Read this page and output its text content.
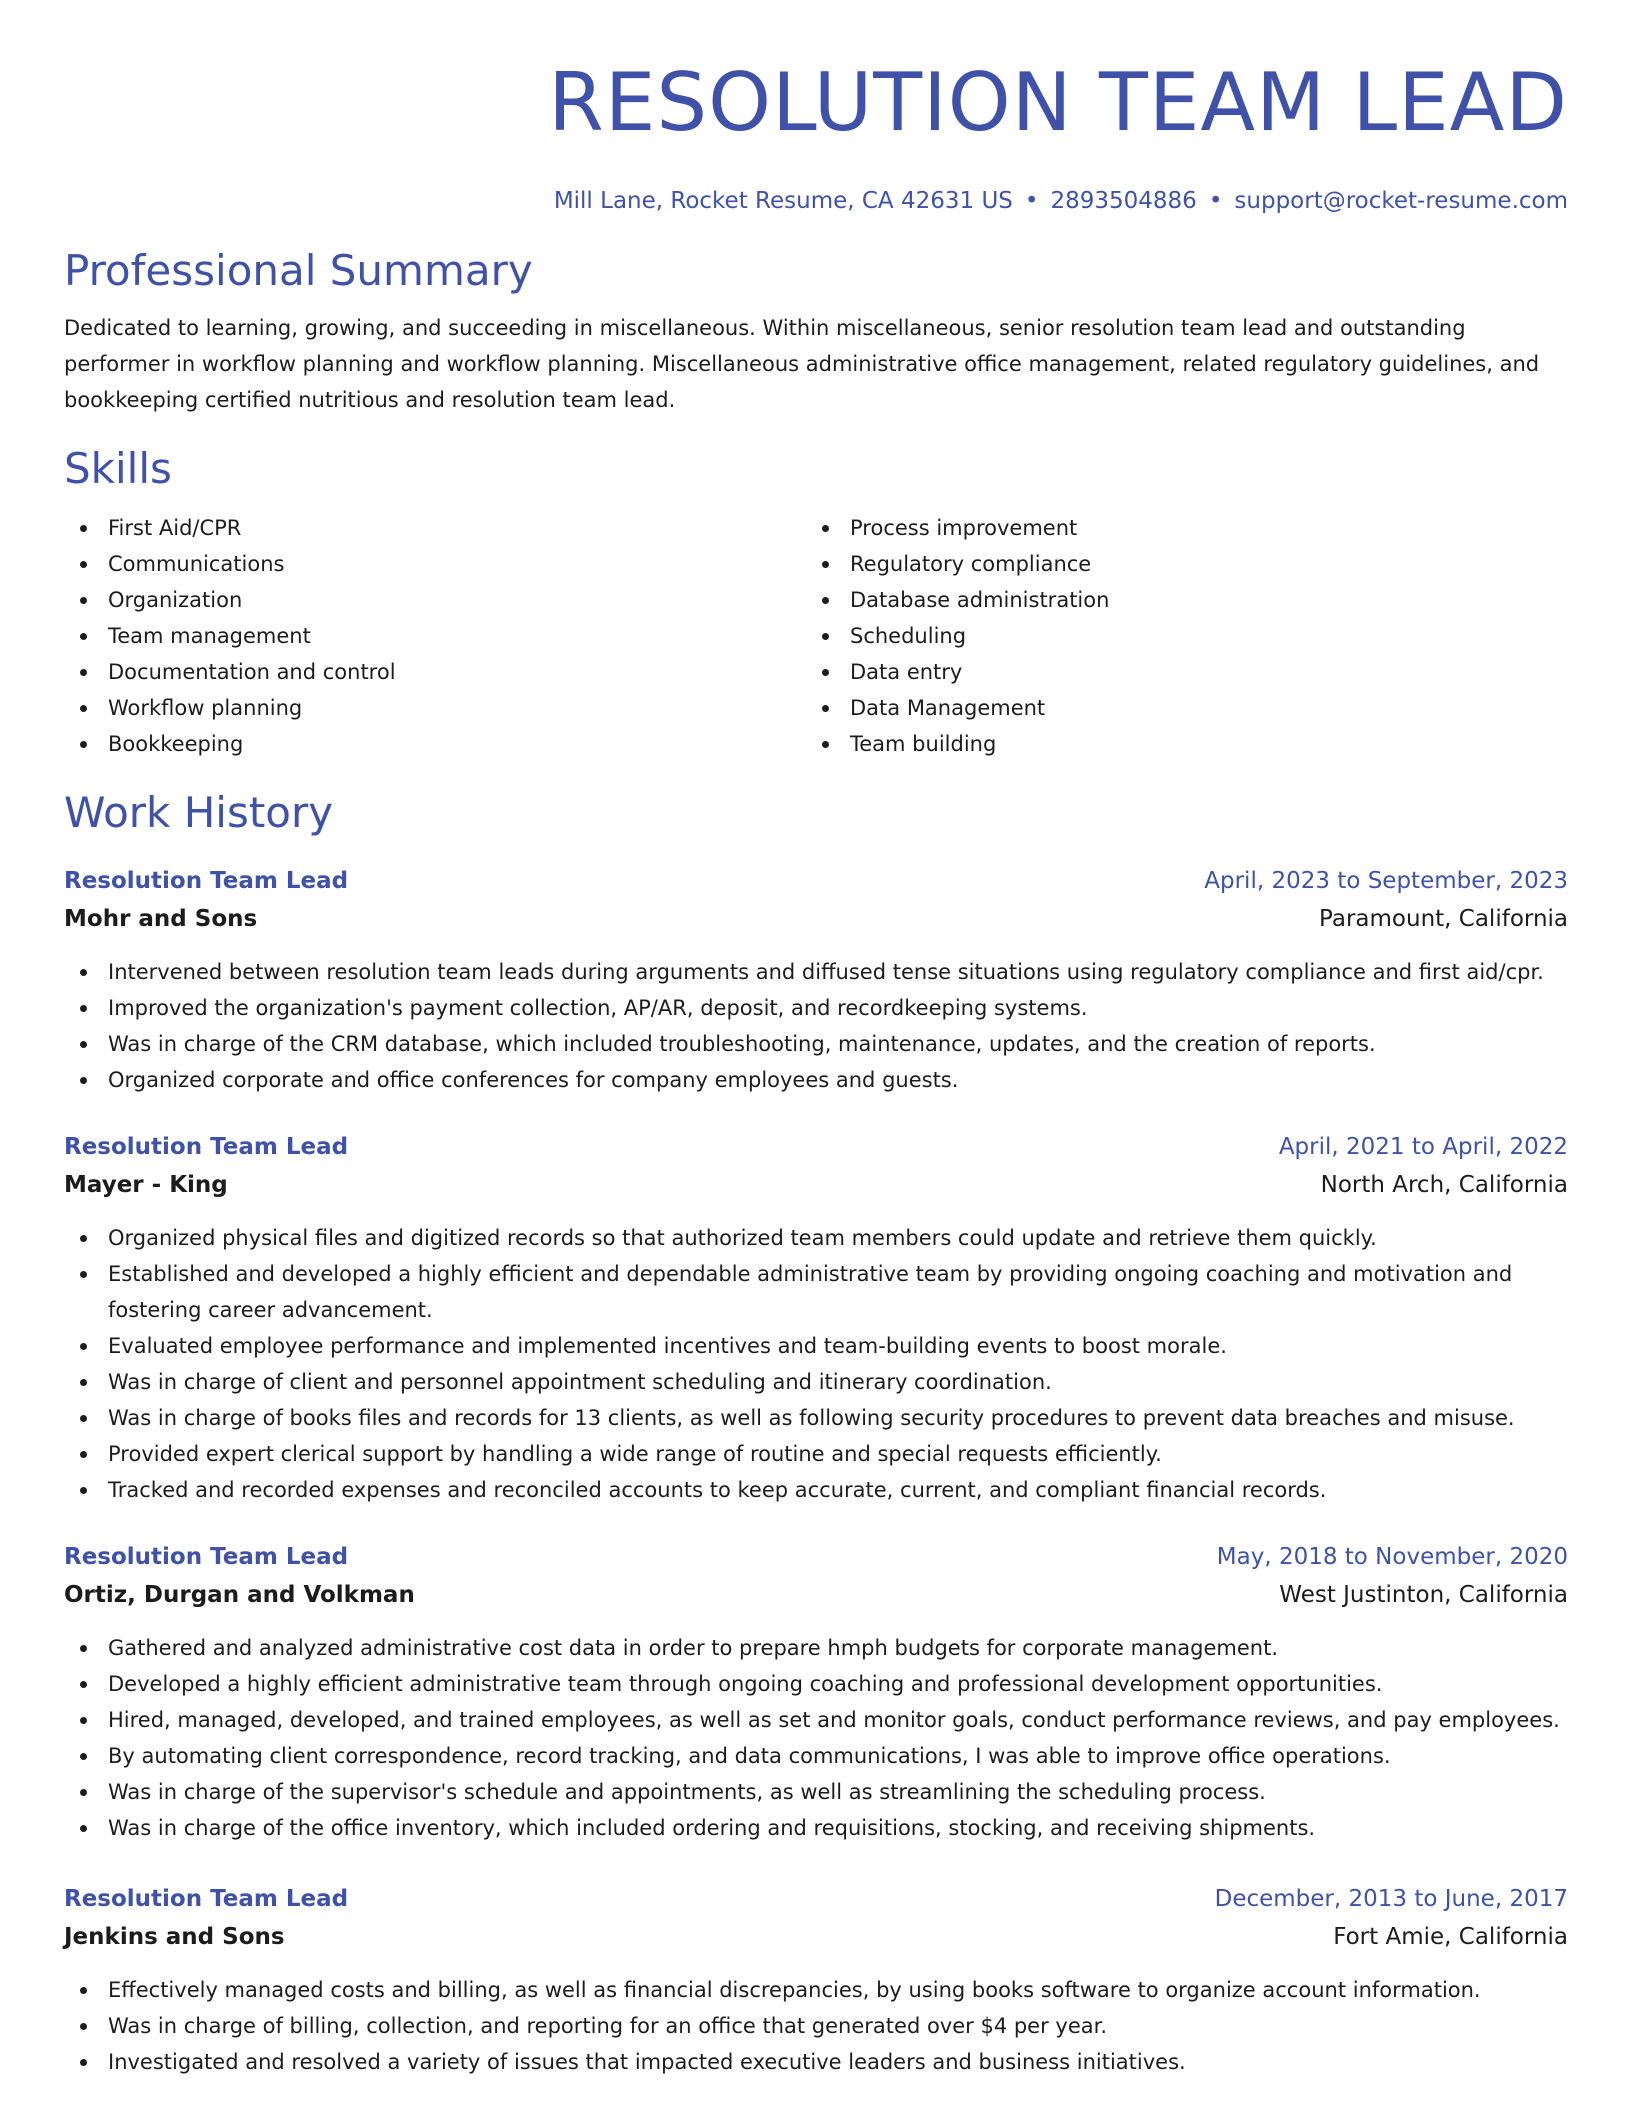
RESOLUTION TEAM LEAD
Mill Lane, Rocket Resume, CA 42631 US • 2893504886 • support@rocket-resume.com
Professional Summary
Dedicated to learning, growing, and succeeding in miscellaneous. Within miscellaneous, senior resolution team lead and outstanding performer in workflow planning and workflow planning. Miscellaneous administrative office management, related regulatory guidelines, and bookkeeping certified nutritious and resolution team lead.
Skills
First Aid/CPR
Communications
Organization
Team management
Documentation and control
Workflow planning
Bookkeeping
Process improvement
Regulatory compliance
Database administration
Scheduling
Data entry
Data Management
Team building
Work History
Resolution Team Lead	April, 2023 to September, 2023
Mohr and Sons	Paramount, California
Intervened between resolution team leads during arguments and diffused tense situations using regulatory compliance and first aid/cpr.
Improved the organization's payment collection, AP/AR, deposit, and recordkeeping systems.
Was in charge of the CRM database, which included troubleshooting, maintenance, updates, and the creation of reports.
Organized corporate and office conferences for company employees and guests.
Resolution Team Lead	April, 2021 to April, 2022
Mayer - King	North Arch, California
Organized physical files and digitized records so that authorized team members could update and retrieve them quickly.
Established and developed a highly efficient and dependable administrative team by providing ongoing coaching and motivation and fostering career advancement.
Evaluated employee performance and implemented incentives and team-building events to boost morale.
Was in charge of client and personnel appointment scheduling and itinerary coordination.
Was in charge of books files and records for 13 clients, as well as following security procedures to prevent data breaches and misuse.
Provided expert clerical support by handling a wide range of routine and special requests efficiently.
Tracked and recorded expenses and reconciled accounts to keep accurate, current, and compliant financial records.
Resolution Team Lead	May, 2018 to November, 2020
Ortiz, Durgan and Volkman	West Justinton, California
Gathered and analyzed administrative cost data in order to prepare hmph budgets for corporate management.
Developed a highly efficient administrative team through ongoing coaching and professional development opportunities.
Hired, managed, developed, and trained employees, as well as set and monitor goals, conduct performance reviews, and pay employees.
By automating client correspondence, record tracking, and data communications, I was able to improve office operations.
Was in charge of the supervisor's schedule and appointments, as well as streamlining the scheduling process.
Was in charge of the office inventory, which included ordering and requisitions, stocking, and receiving shipments.
Resolution Team Lead	December, 2013 to June, 2017
Jenkins and Sons	Fort Amie, California
Effectively managed costs and billing, as well as financial discrepancies, by using books software to organize account information.
Was in charge of billing, collection, and reporting for an office that generated over $4 per year.
Investigated and resolved a variety of issues that impacted executive leaders and business initiatives.
